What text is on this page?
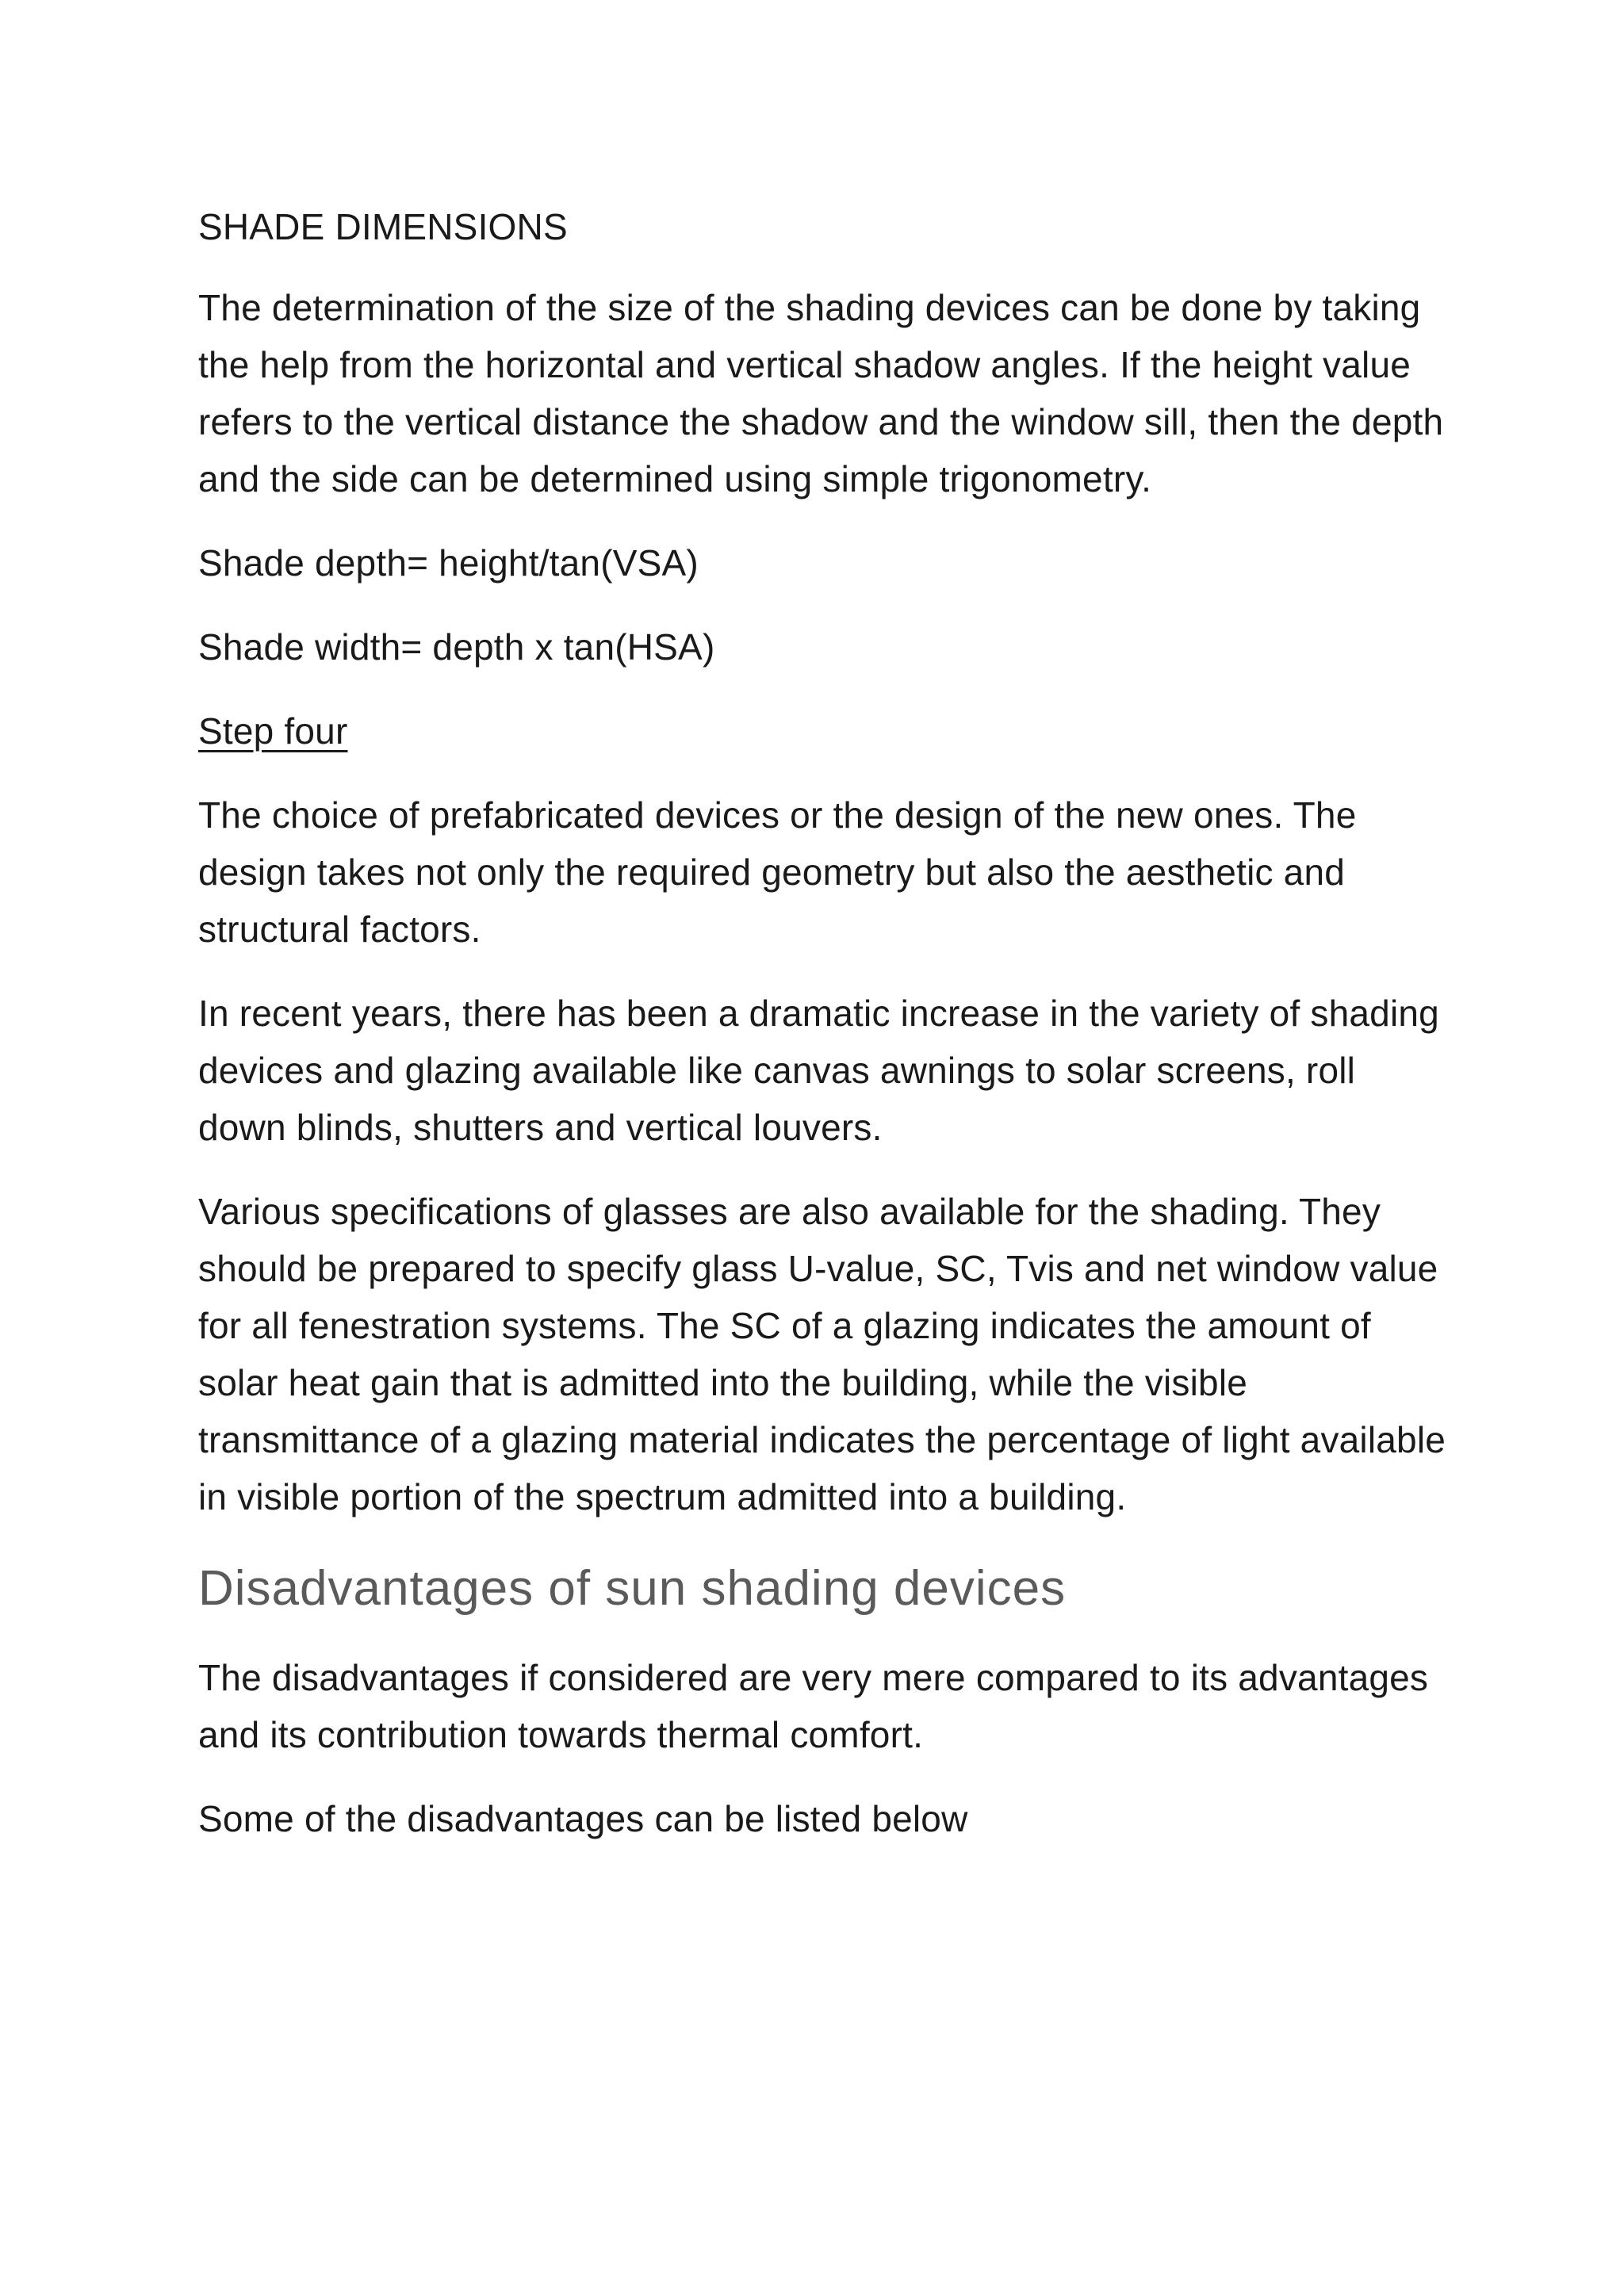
SHADE DIMENSIONS

The determination of the size of the shading devices can be done by taking the help from the horizontal and vertical shadow angles. If the height value refers to the vertical distance the shadow and the window sill, then the depth and the side can be determined using simple trigonometry.

Shade depth= height/tan(VSA)

Shade width= depth x tan(HSA)

Step four

The choice of prefabricated devices or the design of the new ones. The design takes not only the required geometry but also the aesthetic and structural factors.

In recent years, there has been a dramatic increase in the variety of shading devices and glazing available like canvas awnings to solar screens, roll down blinds, shutters and vertical louvers.

Various specifications of glasses are also available for the shading. They should be prepared to specify glass U-value, SC, Tvis and net window value for all fenestration systems. The SC of a glazing indicates the amount of solar heat gain that is admitted into the building, while the visible transmittance of a glazing material indicates the percentage of light available in visible portion of the spectrum admitted into a building.

Disadvantages of sun shading devices

The disadvantages if considered are very mere compared to its advantages and its contribution towards thermal comfort.

Some of the disadvantages can be listed below
